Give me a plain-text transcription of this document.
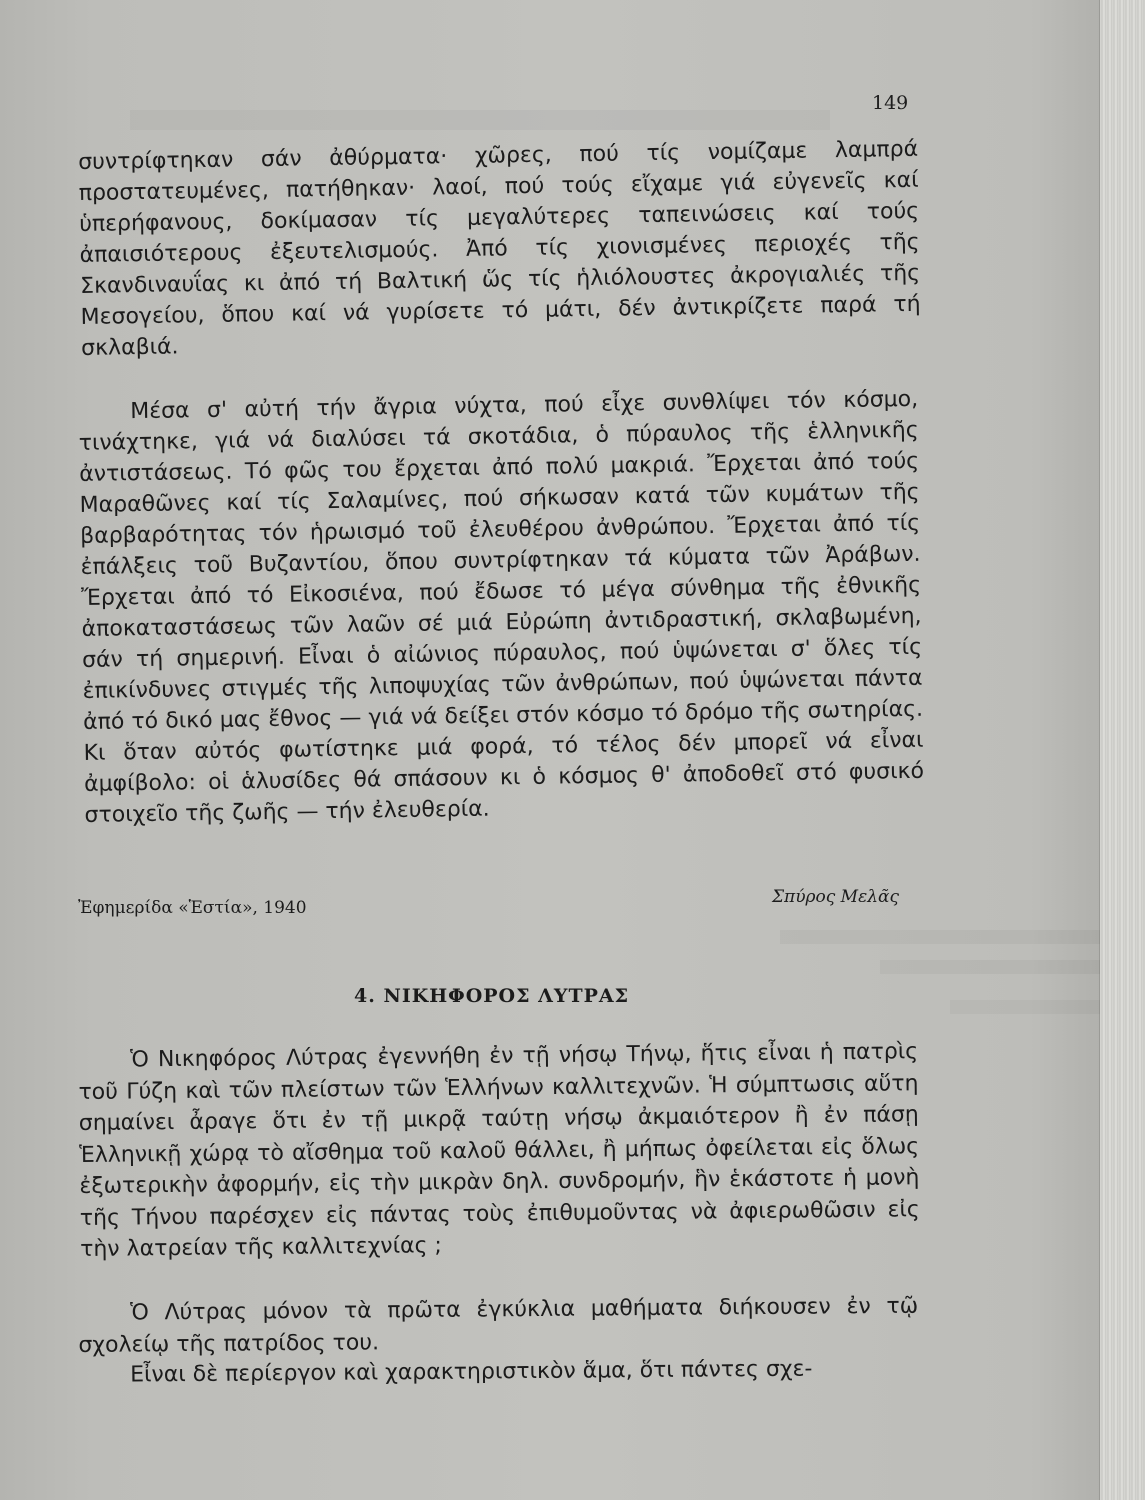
149

συντρίφτηκαν σάν ἀθύρματα· χῶρες, πού τίς νομίζαμε λαμπρά προστατευμένες, πατήθηκαν· λαοί, πού τούς εἴχαμε γιά εὐγενεῖς καί ὑπερήφανους, δοκίμασαν τίς μεγαλύτερες ταπεινώσεις καί τούς ἀπαισιότερους ἐξευτελισμούς. Ἀπό τίς χιονισμένες περιοχές τῆς Σκανδιναυΐας κι ἀπό τή Βαλτική ὥς τίς ἡλιόλουστες ἀκρογιαλιές τῆς Μεσογείου, ὅπου καί νά γυρίσετε τό μάτι, δέν ἀντικρίζετε παρά τή σκλαβιά.

Μέσα σ' αὐτή τήν ἄγρια νύχτα, πού εἶχε συνθλίψει τόν κόσμο, τινάχτηκε, γιά νά διαλύσει τά σκοτάδια, ὁ πύραυλος τῆς ἑλληνικῆς ἀντιστάσεως. Τό φῶς του ἔρχεται ἀπό πολύ μακριά. Ἔρχεται ἀπό τούς Μαραθῶνες καί τίς Σαλαμίνες, πού σήκωσαν κατά τῶν κυμάτων τῆς βαρβαρότητας τόν ἡρωισμό τοῦ ἐλευθέρου ἀνθρώπου. Ἔρχεται ἀπό τίς ἐπάλξεις τοῦ Βυζαντίου, ὅπου συντρίφτηκαν τά κύματα τῶν Ἀράβων. Ἔρχεται ἀπό τό Εἰκοσιένα, πού ἔδωσε τό μέγα σύνθημα τῆς ἐθνικῆς ἀποκαταστάσεως τῶν λαῶν σέ μιά Εὐρώπη ἀντιδραστική, σκλαβωμένη, σάν τή σημερινή. Εἶναι ὁ αἰώνιος πύραυλος, πού ὑψώνεται σ' ὅλες τίς ἐπικίνδυνες στιγμές τῆς λιποψυχίας τῶν ἀνθρώπων, πού ὑψώνεται πάντα ἀπό τό δικό μας ἔθνος — γιά νά δείξει στόν κόσμο τό δρόμο τῆς σωτηρίας. Κι ὅταν αὐτός φωτίστηκε μιά φορά, τό τέλος δέν μπορεῖ νά εἶναι ἀμφίβολο: οἱ ἁλυσίδες θά σπάσουν κι ὁ κόσμος θ' ἀποδοθεῖ στό φυσικό στοιχεῖο τῆς ζωῆς — τήν ἐλευθερία.

Ἐφημερίδα «Ἑστία», 1940
Σπύρος Μελᾶς
4. ΝΙΚΗΦΟΡΟΣ ΛΥΤΡΑΣ

Ὁ Νικηφόρος Λύτρας ἐγεννήθη ἐν τῇ νήσῳ Τήνῳ, ἥτις εἶναι ἡ πατρὶς τοῦ Γύζη καὶ τῶν πλείστων τῶν Ἑλλήνων καλλιτεχνῶν. Ἡ σύμπτωσις αὕτη σημαίνει ἆραγε ὅτι ἐν τῇ μικρᾷ ταύτῃ νήσῳ ἀκμαιότερον ἢ ἐν πάσῃ Ἑλληνικῇ χώρᾳ τὸ αἴσθημα τοῦ καλοῦ θάλλει, ἢ μήπως ὀφείλεται εἰς ὅλως ἐξωτερικὴν ἀφορμήν, εἰς τὴν μικρὰν δηλ. συνδρομήν, ἣν ἑκάστοτε ἡ μονὴ τῆς Τήνου παρέσχεν εἰς πάντας τοὺς ἐπιθυμοῦντας νὰ ἀφιερωθῶσιν εἰς τὴν λατρείαν τῆς καλλιτεχνίας ;

Ὁ Λύτρας μόνον τὰ πρῶτα ἐγκύκλια μαθήματα διήκουσεν ἐν τῷ σχολείῳ τῆς πατρίδος του.

Εἶναι δὲ περίεργον καὶ χαρακτηριστικὸν ἅμα, ὅτι πάντες σχε-
